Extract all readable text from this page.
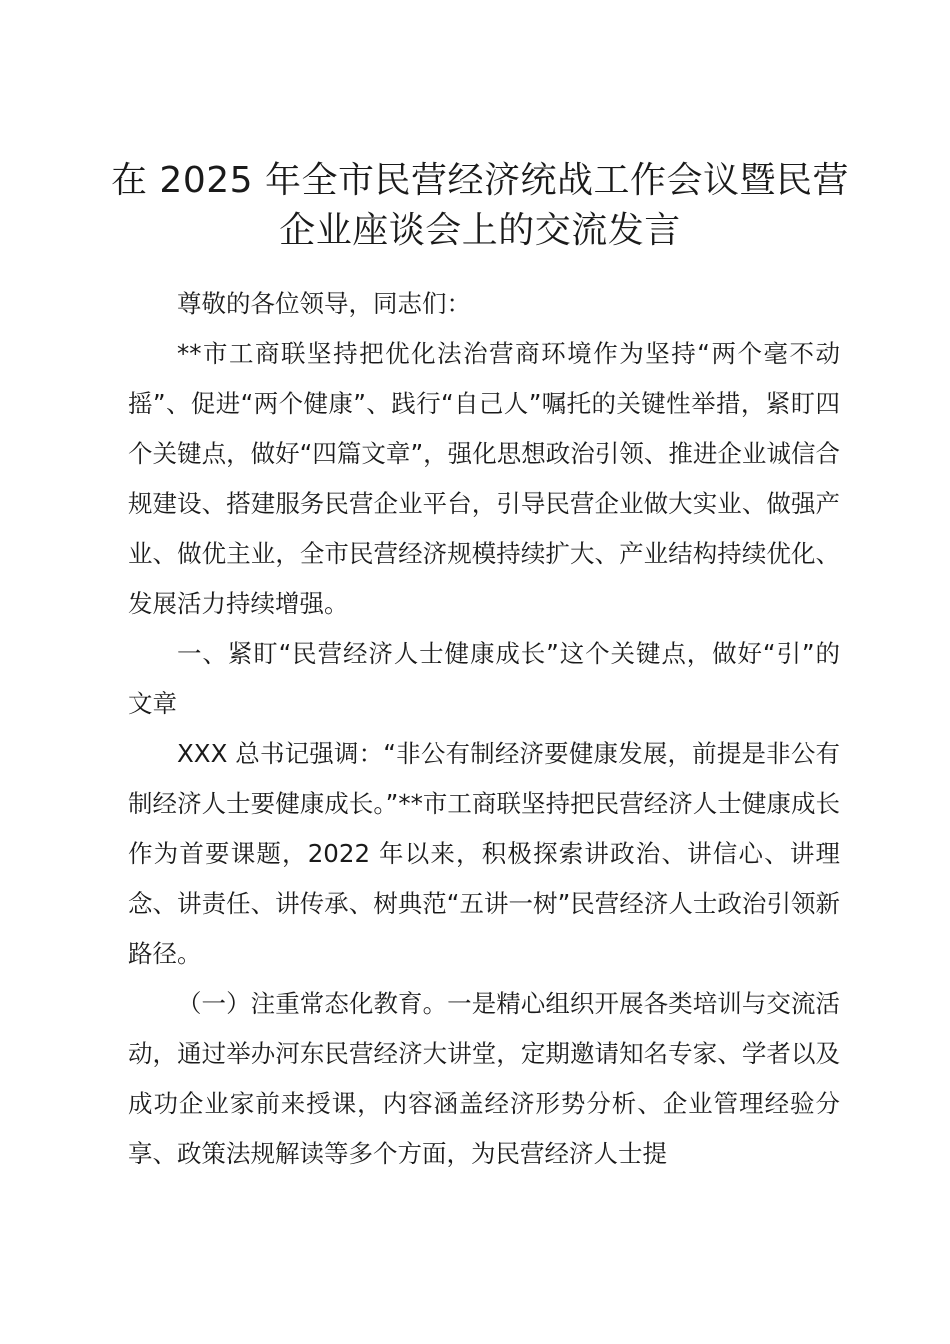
在 2025 年全市民营经济统战工作会议暨民营
企业座谈会上的交流发言

尊敬的各位领导，同志们：

**市工商联坚持把优化法治营商环境作为坚持“两个毫不动摇”、促进“两个健康”、践行“自己人”嘱托的关键性举措，紧盯四个关键点，做好“四篇文章”，强化思想政治引领、推进企业诚信合规建设、搭建服务民营企业平台，引导民营企业做大实业、做强产业、做优主业，全市民营经济规模持续扩大、产业结构持续优化、发展活力持续增强。

一、紧盯“民营经济人士健康成长”这个关键点，做好“引”的文章

XXX 总书记强调：“非公有制经济要健康发展，前提是非公有制经济人士要健康成长。”**市工商联坚持把民营经济人士健康成长作为首要课题，2022 年以来，积极探索讲政治、讲信心、讲理念、讲责任、讲传承、树典范“五讲一树”民营经济人士政治引领新路径。

（一）注重常态化教育。一是精心组织开展各类培训与交流活动，通过举办河东民营经济大讲堂，定期邀请知名专家、学者以及成功企业家前来授课，内容涵盖经济形势分析、企业管理经验分享、政策法规解读等多个方面，为民营经济人士提
